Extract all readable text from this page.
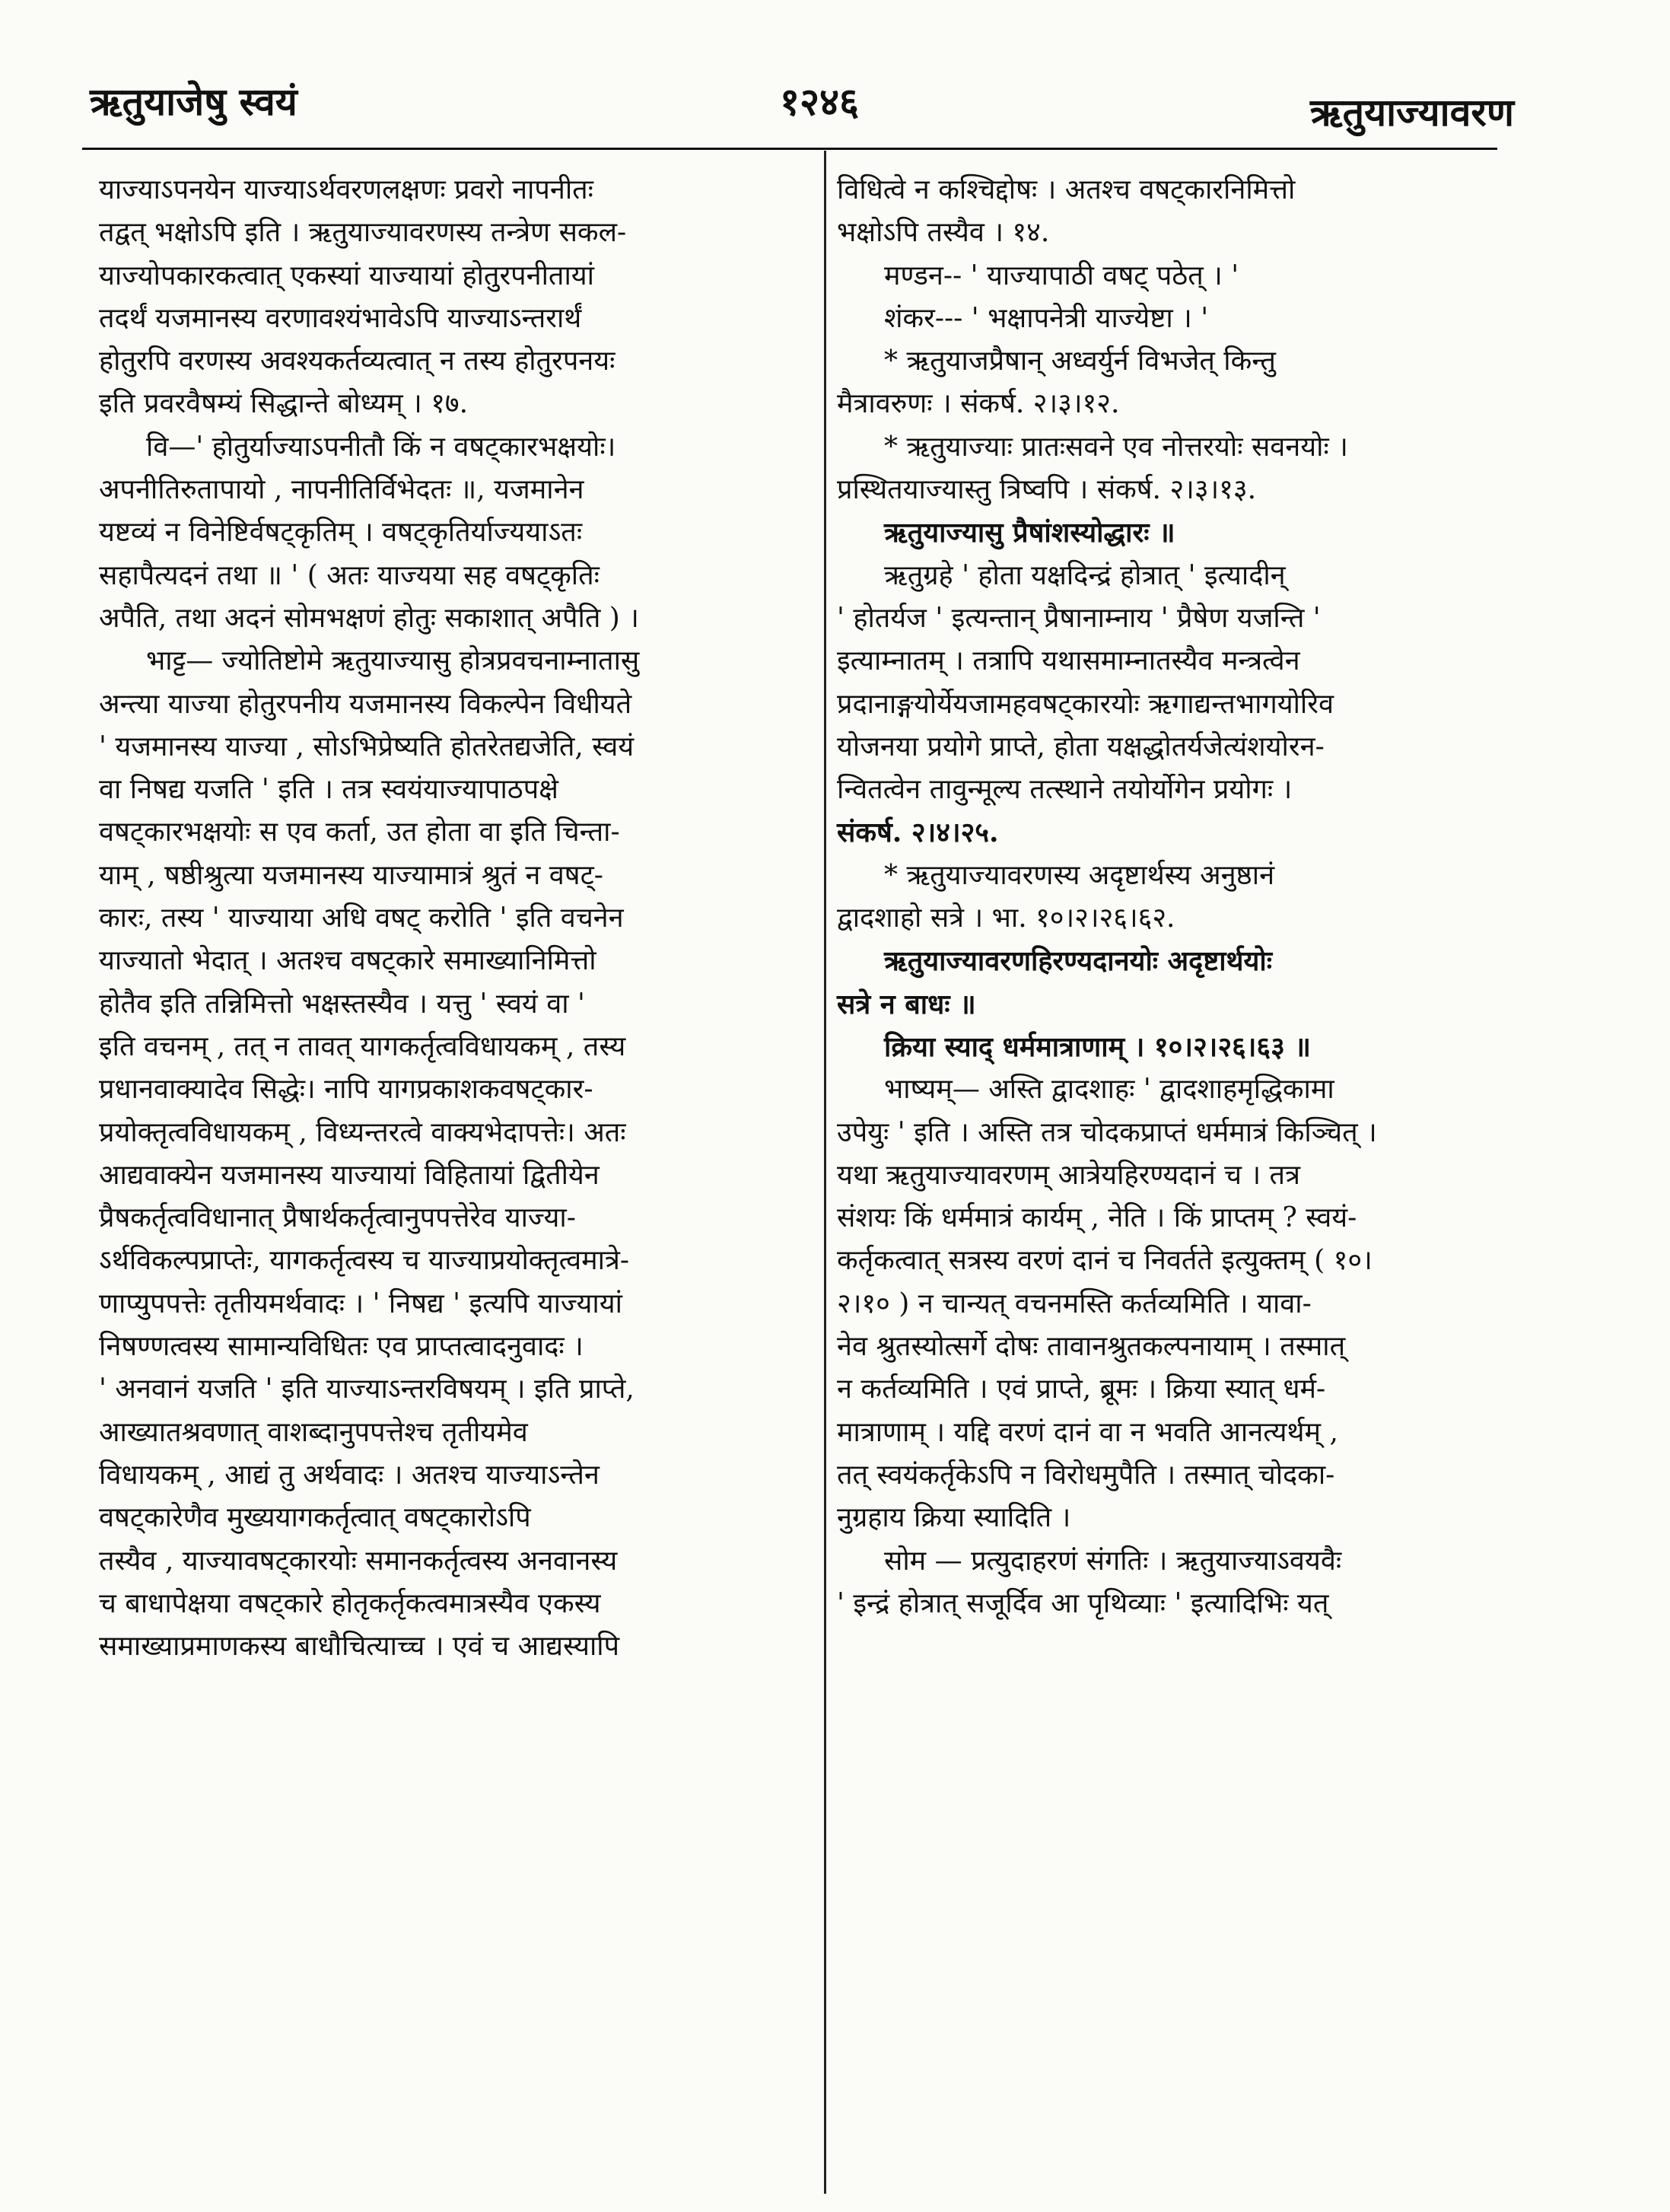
ऋतुयाजेषु स्वयं	१२४६	ऋतुयाज्यावरण

याज्याऽपनयेन याज्याऽर्थवरणलक्षणः प्रवरो नापनीतः

तद्वत् भक्षोऽपि इति । ऋतुयाज्यावरणस्य तन्त्रेण सकल-

याज्योपकारकत्वात् एकस्यां याज्यायां होतुरपनीतायां

तदर्थं यजमानस्य वरणावश्यंभावेऽपि याज्याऽन्तरार्थं

होतुरपि वरणस्य अवश्यकर्तव्यत्वात् न तस्य होतुरपनयः

इति प्रवरवैषम्यं सिद्धान्ते बोध्यम् । १७.

वि—' होतुर्याज्याऽपनीतौ किं न वषट्कारभक्षयोः।

अपनीतिरुतापायो , नापनीतिर्विभेदतः ॥, यजमानेन

यष्टव्यं न विनेष्टिर्वषट्कृतिम् । वषट्कृतिर्याज्ययाऽतः

सहापैत्यदनं तथा ॥ ' ( अतः याज्यया सह वषट्कृतिः

अपैति, तथा अदनं सोमभक्षणं होतुः सकाशात् अपैति ) ।

भाट्ट— ज्योतिष्टोमे ऋतुयाज्यासु होत्रप्रवचनाम्नातासु

अन्त्या याज्या होतुरपनीय यजमानस्य विकल्पेन विधीयते

' यजमानस्य याज्या , सोऽभिप्रेष्यति होतरेतद्यजेति, स्वयं

वा निषद्य यजति ' इति । तत्र स्वयंयाज्यापाठपक्षे

वषट्कारभक्षयोः स एव कर्ता, उत होता वा इति चिन्ता-

याम् , षष्ठीश्रुत्या यजमानस्य याज्यामात्रं श्रुतं न वषट्-

कारः, तस्य ' याज्याया अधि वषट् करोति ' इति वचनेन

याज्यातो भेदात् । अतश्च वषट्कारे समाख्यानिमित्तो

होतैव इति तन्निमित्तो भक्षस्तस्यैव । यत्तु ' स्वयं वा '

इति वचनम् , तत् न तावत् यागकर्तृत्वविधायकम् , तस्य

प्रधानवाक्यादेव सिद्धेः। नापि यागप्रकाशकवषट्कार-

प्रयोक्तृत्वविधायकम् , विध्यन्तरत्वे वाक्यभेदापत्तेः। अतः

आद्यवाक्येन यजमानस्य याज्यायां विहितायां द्वितीयेन

प्रैषकर्तृत्वविधानात् प्रैषार्थकर्तृत्वानुपपत्तेरेव याज्या-

ऽर्थविकल्पप्राप्तेः, यागकर्तृत्वस्य च याज्याप्रयोक्तृत्वमात्रे-

णाप्युपपत्तेः तृतीयमर्थवादः । ' निषद्य ' इत्यपि याज्यायां

निषण्णत्वस्य सामान्यविधितः एव प्राप्तत्वादनुवादः ।

' अनवानं यजति ' इति याज्याऽन्तरविषयम् । इति प्राप्ते,

आख्यातश्रवणात् वाशब्दानुपपत्तेश्च तृतीयमेव

विधायकम् , आद्यं तु अर्थवादः । अतश्च याज्याऽन्तेन

वषट्कारेणैव मुख्ययागकर्तृत्वात् वषट्कारोऽपि

तस्यैव , याज्यावषट्कारयोः समानकर्तृत्वस्य अनवानस्य

च बाधापेक्षया वषट्कारे होतृकर्तृकत्वमात्रस्यैव एकस्य

समाख्याप्रमाणकस्य बाधौचित्याच्च । एवं च आद्यस्यापि

विधित्वे न कश्चिद्दोषः । अतश्च वषट्कारनिमित्तो

भक्षोऽपि तस्यैव । १४.

मण्डन-- ' याज्यापाठी वषट् पठेत् । '

शंकर--- ' भक्षापनेत्री याज्येष्टा । '

* ऋतुयाजप्रैषान् अध्वर्युर्न विभजेत् किन्तु

मैत्रावरुणः । संकर्ष. २।३।१२.

* ऋतुयाज्याः प्रातःसवने एव नोत्तरयोः सवनयोः ।

प्रस्थितयाज्यास्तु त्रिष्वपि । संकर्ष. २।३।१३.

ऋतुयाज्यासु प्रैषांशस्योद्धारः ॥

ऋतुग्रहे ' होता यक्षदिन्द्रं होत्रात् ' इत्यादीन्

' होतर्यज ' इत्यन्तान् प्रैषानाम्नाय ' प्रैषेण यजन्ति '

इत्याम्नातम् । तत्रापि यथासमाम्नातस्यैव मन्त्रत्वेन

प्रदानाङ्गयोर्येयजामहवषट्कारयोः ऋगाद्यन्तभागयोरिव

योजनया प्रयोगे प्राप्ते, होता यक्षद्धोतर्यजेत्यंशयोरन-

न्वितत्वेन तावुन्मूल्य तत्स्थाने तयोर्योगेन प्रयोगः ।

संकर्ष. २।४।२५.

* ऋतुयाज्यावरणस्य अदृष्टार्थस्य अनुष्ठानं

द्वादशाहो सत्रे । भा. १०।२।२६।६२.

ऋतुयाज्यावरणहिरण्यदानयोः अदृष्टार्थयोः

सत्रे न बाधः ॥

क्रिया स्याद् धर्ममात्राणाम् । १०।२।२६।६३ ॥

भाष्यम्— अस्ति द्वादशाहः ' द्वादशाहमृद्धिकामा

उपेयुः ' इति । अस्ति तत्र चोदकप्राप्तं धर्ममात्रं किञ्चित् ।

यथा ऋतुयाज्यावरणम् आत्रेयहिरण्यदानं च । तत्र

संशयः किं धर्ममात्रं कार्यम् , नेति । किं प्राप्तम् ? स्वयं-

कर्तृकत्वात् सत्रस्य वरणं दानं च निवर्तते इत्युक्तम् ( १०।

२।१० ) न चान्यत् वचनमस्ति कर्तव्यमिति । यावा-

नेव श्रुतस्योत्सर्गे दोषः तावानश्रुतकल्पनायाम् । तस्मात्

न कर्तव्यमिति । एवं प्राप्ते, ब्रूमः । क्रिया स्यात् धर्म-

मात्राणाम् । यद्दि वरणं दानं वा न भवति आनत्यर्थम् ,

तत् स्वयंकर्तृकेऽपि न विरोधमुपैति । तस्मात् चोदका-

नुग्रहाय क्रिया स्यादिति ।

सोम — प्रत्युदाहरणं संगतिः । ऋतुयाज्याऽवयवैः

' इन्द्रं होत्रात् सजूर्दिव आ पृथिव्याः ' इत्यादिभिः यत्
